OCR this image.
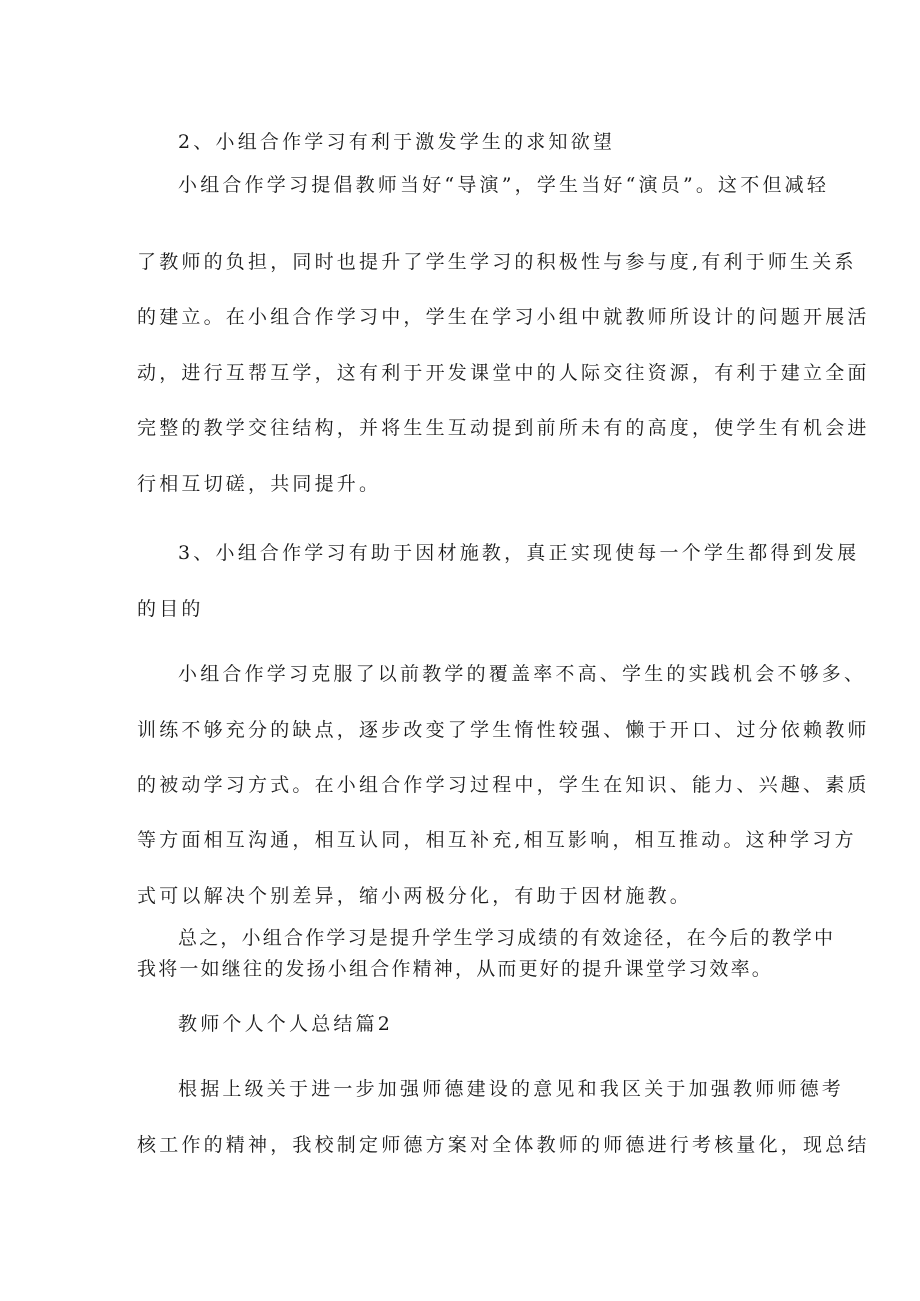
2、小组合作学习有利于激发学生的求知欲望
小组合作学习提倡教师当好“导演”，学生当好“演员”。这不但减轻
了教师的负担，同时也提升了学生学习的积极性与参与度,有利于师生关系
的建立。在小组合作学习中，学生在学习小组中就教师所设计的问题开展活
动，进行互帮互学，这有利于开发课堂中的人际交往资源，有利于建立全面
完整的教学交往结构，并将生生互动提到前所未有的高度，使学生有机会进
行相互切磋，共同提升。
3、小组合作学习有助于因材施教，真正实现使每一个学生都得到发展
的目的
小组合作学习克服了以前教学的覆盖率不高、学生的实践机会不够多、
训练不够充分的缺点，逐步改变了学生惰性较强、懒于开口、过分依赖教师
的被动学习方式。在小组合作学习过程中，学生在知识、能力、兴趣、素质
等方面相互沟通，相互认同，相互补充,相互影响，相互推动。这种学习方
式可以解决个别差异，缩小两极分化，有助于因材施教。
总之，小组合作学习是提升学生学习成绩的有效途径，在今后的教学中
我将一如继往的发扬小组合作精神，从而更好的提升课堂学习效率。
教师个人个人总结篇2
根据上级关于进一步加强师德建设的意见和我区关于加强教师师德考
核工作的精神，我校制定师德方案对全体教师的师德进行考核量化，现总结
